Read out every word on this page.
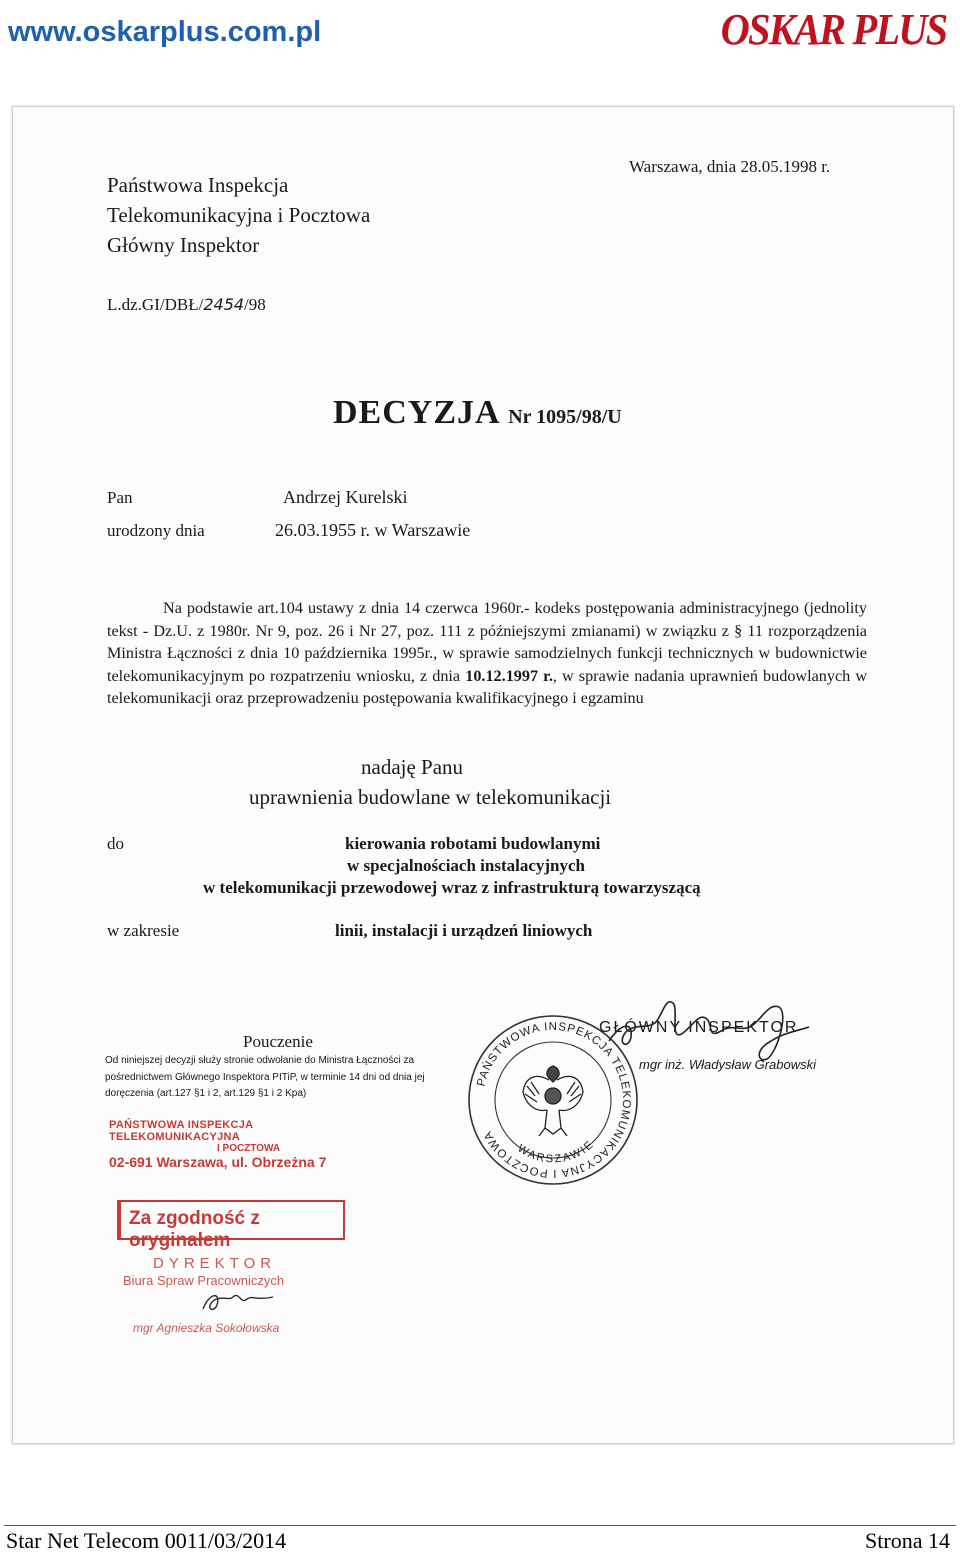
www.oskarplus.com.pl	OSKAR PLUS
Warszawa, dnia 28.05.1998 r.
Państwowa Inspekcja
Telekomunikacyjna i Pocztowa
Główny Inspektor
L.dz.GI/DBŁ/2454/98
DECYZJA Nr 1095/98/U
Pan	Andrzej Kurelski
urodzony dnia	26.03.1955 r. w Warszawie
Na podstawie art.104 ustawy z dnia 14 czerwca 1960r.- kodeks postępowania administracyjnego (jednolity tekst - Dz.U. z 1980r. Nr 9, poz. 26 i Nr 27, poz. 111 z późniejszymi zmianami) w związku z § 11 rozporządzenia Ministra Łączności z dnia 10 października 1995r., w sprawie samodzielnych funkcji technicznych w budownictwie telekomunikacyjnym po rozpatrzeniu wniosku, z dnia 10.12.1997 r., w sprawie nadania uprawnień budowlanych w telekomunikacji oraz przeprowadzeniu postępowania kwalifikacyjnego i egzaminu
nadaję Panu
uprawnienia budowlane w telekomunikacji
do	kierowania robotami budowlanymi
w specjalnościach instalacyjnych
w telekomunikacji przewodowej wraz z infrastrukturą towarzyszącą
w zakresie	linii, instalacji i urządzeń liniowych
Pouczenie
Od niniejszej decyzji służy stronie odwołanie do Ministra Łączności za pośrednictwem Głównego Inspektora PITiP, w terminie 14 dni od dnia jej doręczenia (art.127 §1 i 2, art.129 §1 i 2 Kpa)
PAŃSTWOWA INSPEKCJA TELEKOMUNIKACYJNA
I POCZTOWA
02-691 Warszawa, ul. Obrzeżna 7
Za zgodność z oryginałem
DYREKTOR
Biura Spraw Pracowniczych
mgr Agnieszka Sokołowska
PAŃSTWOWA INSPEKCJA TELEKOMUNIKACYJNA I POCZTOWA
WARSZAWIE
GŁÓWNY INSPEKTOR
mgr inż. Władysław Grabowski
Star Net Telecom 0011/03/2014	Strona 14
